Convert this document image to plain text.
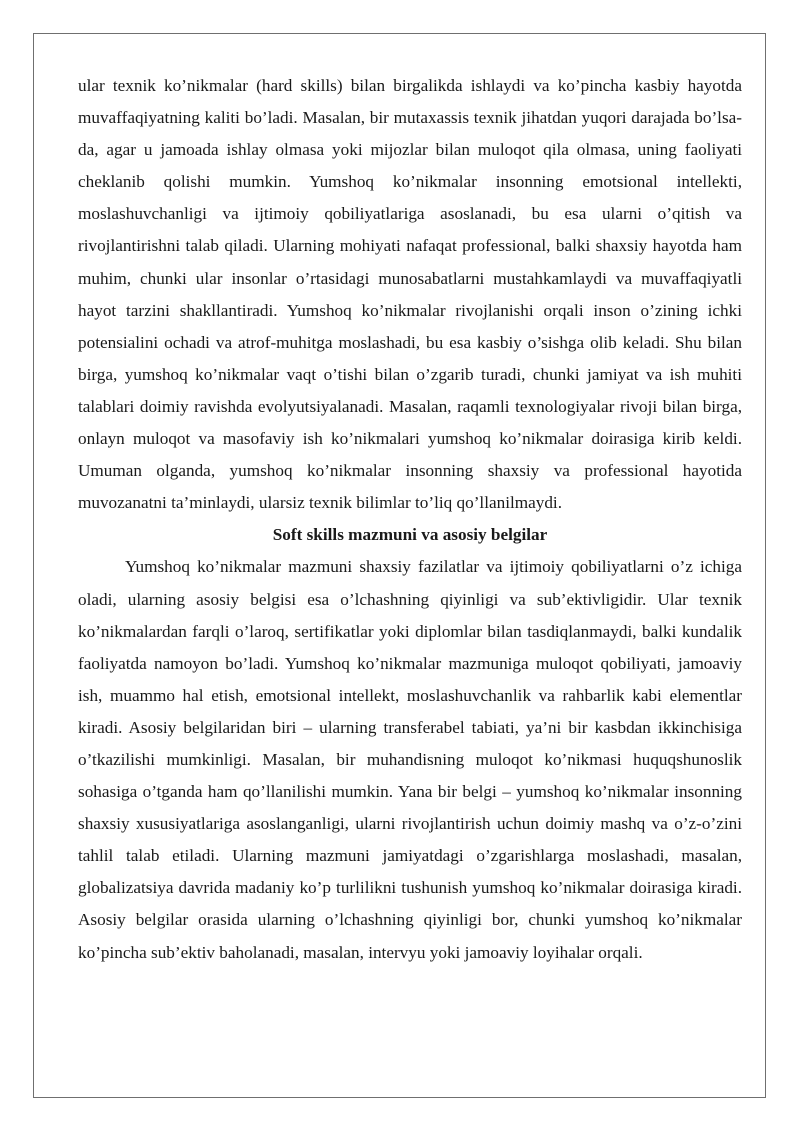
ular texnik ko’nikmalar (hard skills) bilan birgalikda ishlaydi va ko’pincha kasbiy hayotda muvaffaqiyatning kaliti bo’ladi. Masalan, bir mutaxassis texnik jihatdan yuqori darajada bo’lsa-da, agar u jamoada ishlay olmasa yoki mijozlar bilan muloqot qila olmasa, uning faoliyati cheklanib qolishi mumkin. Yumshoq ko’nikmalar insonning emotsional intellekti, moslashuvchanligi va ijtimoiy qobiliyatlariga asoslanadi, bu esa ularni o’qitish va rivojlantirishni talab qiladi. Ularning mohiyati nafaqat professional, balki shaxsiy hayotda ham muhim, chunki ular insonlar o’rtasidagi munosabatlarni mustahkamlaydi va muvaffaqiyatli hayot tarzini shakllantiradi. Yumshoq ko’nikmalar rivojlanishi orqali inson o’zining ichki potensialini ochadi va atrof-muhitga moslashadi, bu esa kasbiy o’sishga olib keladi. Shu bilan birga, yumshoq ko’nikmalar vaqt o’tishi bilan o’zgarib turadi, chunki jamiyat va ish muhiti talablari doimiy ravishda evolyutsiyalanadi. Masalan, raqamli texnologiyalar rivoji bilan birga, onlayn muloqot va masofaviy ish ko’nikmalari yumshoq ko’nikmalar doirasiga kirib keldi. Umuman olganda, yumshoq ko’nikmalar insonning shaxsiy va professional hayotida muvozanatni ta’minlaydi, ularsiz texnik bilimlar to’liq qo’llanilmaydi.

Soft skills mazmuni va asosiy belgilar

Yumshoq ko’nikmalar mazmuni shaxsiy fazilatlar va ijtimoiy qobiliyatlarni o’z ichiga oladi, ularning asosiy belgisi esa o’lchashning qiyinligi va sub’ektivligidir. Ular texnik ko’nikmalardan farqli o’laroq, sertifikatlar yoki diplomlar bilan tasdiqlanmaydi, balki kundalik faoliyatda namoyon bo’ladi. Yumshoq ko’nikmalar mazmuniga muloqot qobiliyati, jamoaviy ish, muammo hal etish, emotsional intellekt, moslashuvchanlik va rahbarlik kabi elementlar kiradi. Asosiy belgilaridan biri – ularning transferabel tabiati, ya’ni bir kasbdan ikkinchisiga o’tkazilishi mumkinligi. Masalan, bir muhandisning muloqot ko’nikmasi huquqshunoslik sohasiga o’tganda ham qo’llanilishi mumkin. Yana bir belgi – yumshoq ko’nikmalar insonning shaxsiy xususiyatlariga asoslanganligi, ularni rivojlantirish uchun doimiy mashq va o’z-o’zini tahlil talab etiladi. Ularning mazmuni jamiyatdagi o’zgarishlarga moslashadi, masalan, globalizatsiya davrida madaniy ko’p turlilikni tushunish yumshoq ko’nikmalar doirasiga kiradi. Asosiy belgilar orasida ularning o’lchashning qiyinligi bor, chunki yumshoq ko’nikmalar ko’pincha sub’ektiv baholanadi, masalan, intervyu yoki jamoaviy loyihalar orqali.
